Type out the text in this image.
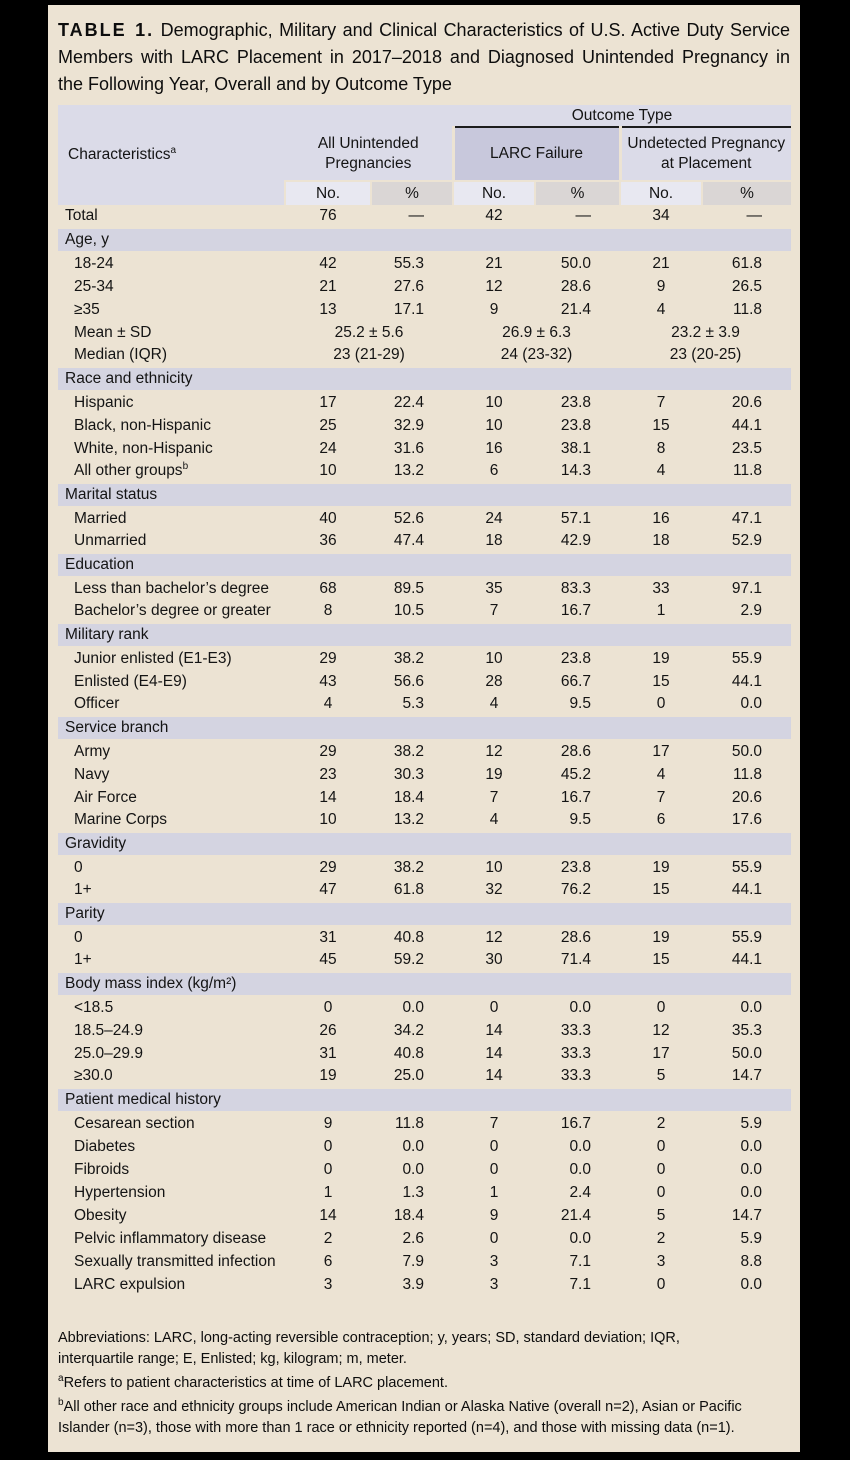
TABLE 1. Demographic, Military and Clinical Characteristics of U.S. Active Duty Service Members with LARC Placement in 2017–2018 and Diagnosed Unintended Pregnancy in the Following Year, Overall and by Outcome Type

Characteristics$^a$			Outcome Type			
	All Unintended Pregnancies		LARC Failure		Undetected Pregnancy at Placement	
	No.	%	No.	%	No.	%
Total	76	—	42	—	34	—
Age, y						
18-24	42	55.3	21	50.0	21	61.8
25-34	21	27.6	12	28.6	9	26.5
≥35	13	17.1	9	21.4	4	11.8
Mean ± SD	25.2 ± 5.6		26.9 ± 6.3		23.2 ± 3.9	
Median (IQR)	23 (21-29)		24 (23-32)		23 (20-25)	
Race and ethnicity						
Hispanic	17	22.4	10	23.8	7	20.6
Black, non-Hispanic	25	32.9	10	23.8	15	44.1
White, non-Hispanic	24	31.6	16	38.1	8	23.5
All other groups$^b$	10	13.2	6	14.3	4	11.8
Marital status						
Married	40	52.6	24	57.1	16	47.1
Unmarried	36	47.4	18	42.9	18	52.9
Education						
Less than bachelor’s degree	68	89.5	35	83.3	33	97.1
Bachelor’s degree or greater	8	10.5	7	16.7	1	2.9
Military rank						
Junior enlisted (E1-E3)	29	38.2	10	23.8	19	55.9
Enlisted (E4-E9)	43	56.6	28	66.7	15	44.1
Officer	4	5.3	4	9.5	0	0.0
Service branch						
Army	29	38.2	12	28.6	17	50.0
Navy	23	30.3	19	45.2	4	11.8
Air Force	14	18.4	7	16.7	7	20.6
Marine Corps	10	13.2	4	9.5	6	17.6
Gravidity						
0	29	38.2	10	23.8	19	55.9
1+	47	61.8	32	76.2	15	44.1
Parity						
0	31	40.8	12	28.6	19	55.9
1+	45	59.2	30	71.4	15	44.1
Body mass index (kg/m²)						
<18.5	0	0.0	0	0.0	0	0.0
18.5–24.9	26	34.2	14	33.3	12	35.3
25.0–29.9	31	40.8	14	33.3	17	50.0
≥30.0	19	25.0	14	33.3	5	14.7
Patient medical history						
Cesarean section	9	11.8	7	16.7	2	5.9
Diabetes	0	0.0	0	0.0	0	0.0
Fibroids	0	0.0	0	0.0	0	0.0
Hypertension	1	1.3	1	2.4	0	0.0
Obesity	14	18.4	9	21.4	5	14.7
Pelvic inflammatory disease	2	2.6	0	0.0	2	5.9
Sexually transmitted infection	6	7.9	3	7.1	3	8.8
LARC expulsion	3	3.9	3	7.1	0	0.0

Abbreviations: LARC, long-acting reversible contraception; y, years; SD, standard deviation; IQR, interquartile range; E, Enlisted; kg, kilogram; m, meter.

$^a$Refers to patient characteristics at time of LARC placement.

$^b$All other race and ethnicity groups include American Indian or Alaska Native (overall n=2), Asian or Pacific Islander (n=3), those with more than 1 race or ethnicity reported (n=4), and those with missing data (n=1).
